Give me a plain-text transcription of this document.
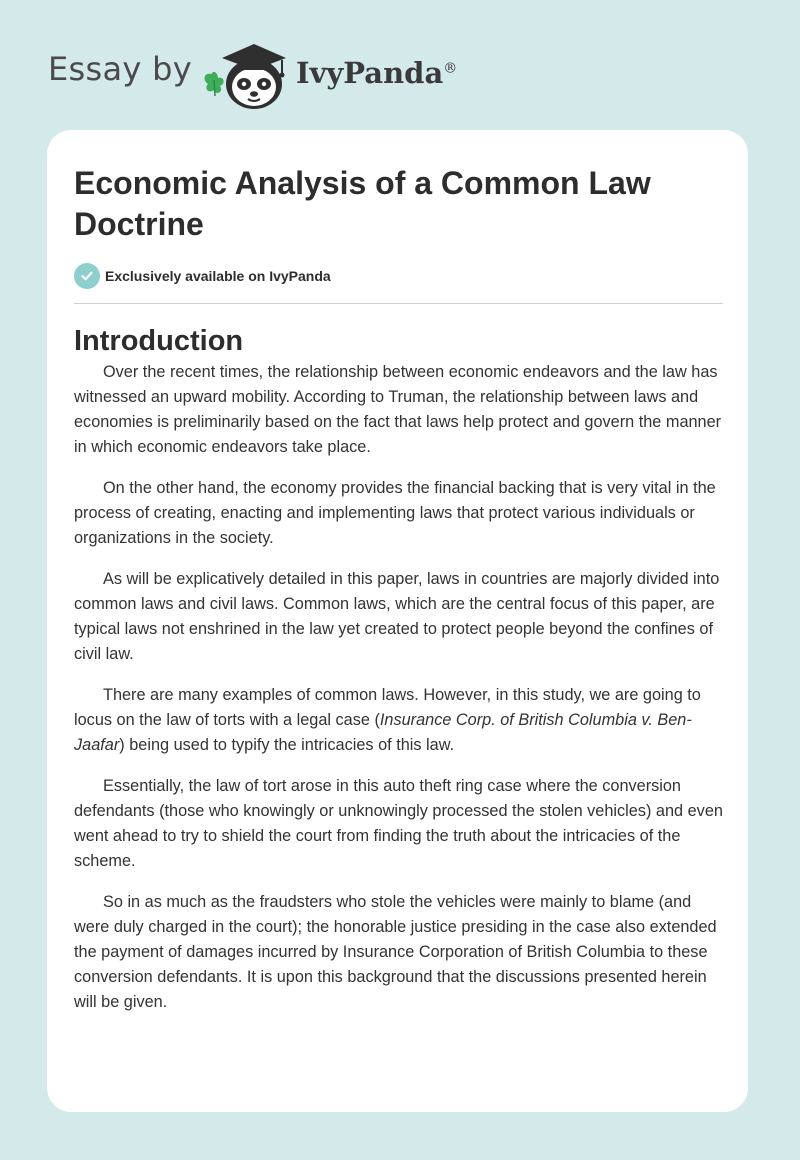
Essay by	IvyPanda®
Economic Analysis of a Common Law Doctrine
Exclusively available on IvyPanda
Introduction

Over the recent times, the relationship between economic endeavors and the law has witnessed an upward mobility. According to Truman, the relationship between laws and economies is preliminarily based on the fact that laws help protect and govern the manner in which economic endeavors take place.

On the other hand, the economy provides the financial backing that is very vital in the process of creating, enacting and implementing laws that protect various individuals or organizations in the society.

As will be explicatively detailed in this paper, laws in countries are majorly divided into common laws and civil laws. Common laws, which are the central focus of this paper, are typical laws not enshrined in the law yet created to protect people beyond the confines of civil law.

There are many examples of common laws. However, in this study, we are going to locus on the law of torts with a legal case (Insurance Corp. of British Columbia v. Ben-Jaafar) being used to typify the intricacies of this law.

Essentially, the law of tort arose in this auto theft ring case where the conversion defendants (those who knowingly or unknowingly processed the stolen vehicles) and even went ahead to try to shield the court from finding the truth about the intricacies of the scheme.

So in as much as the fraudsters who stole the vehicles were mainly to blame (and were duly charged in the court); the honorable justice presiding in the case also extended the payment of damages incurred by Insurance Corporation of British Columbia to these conversion defendants. It is upon this background that the discussions presented herein will be given.
